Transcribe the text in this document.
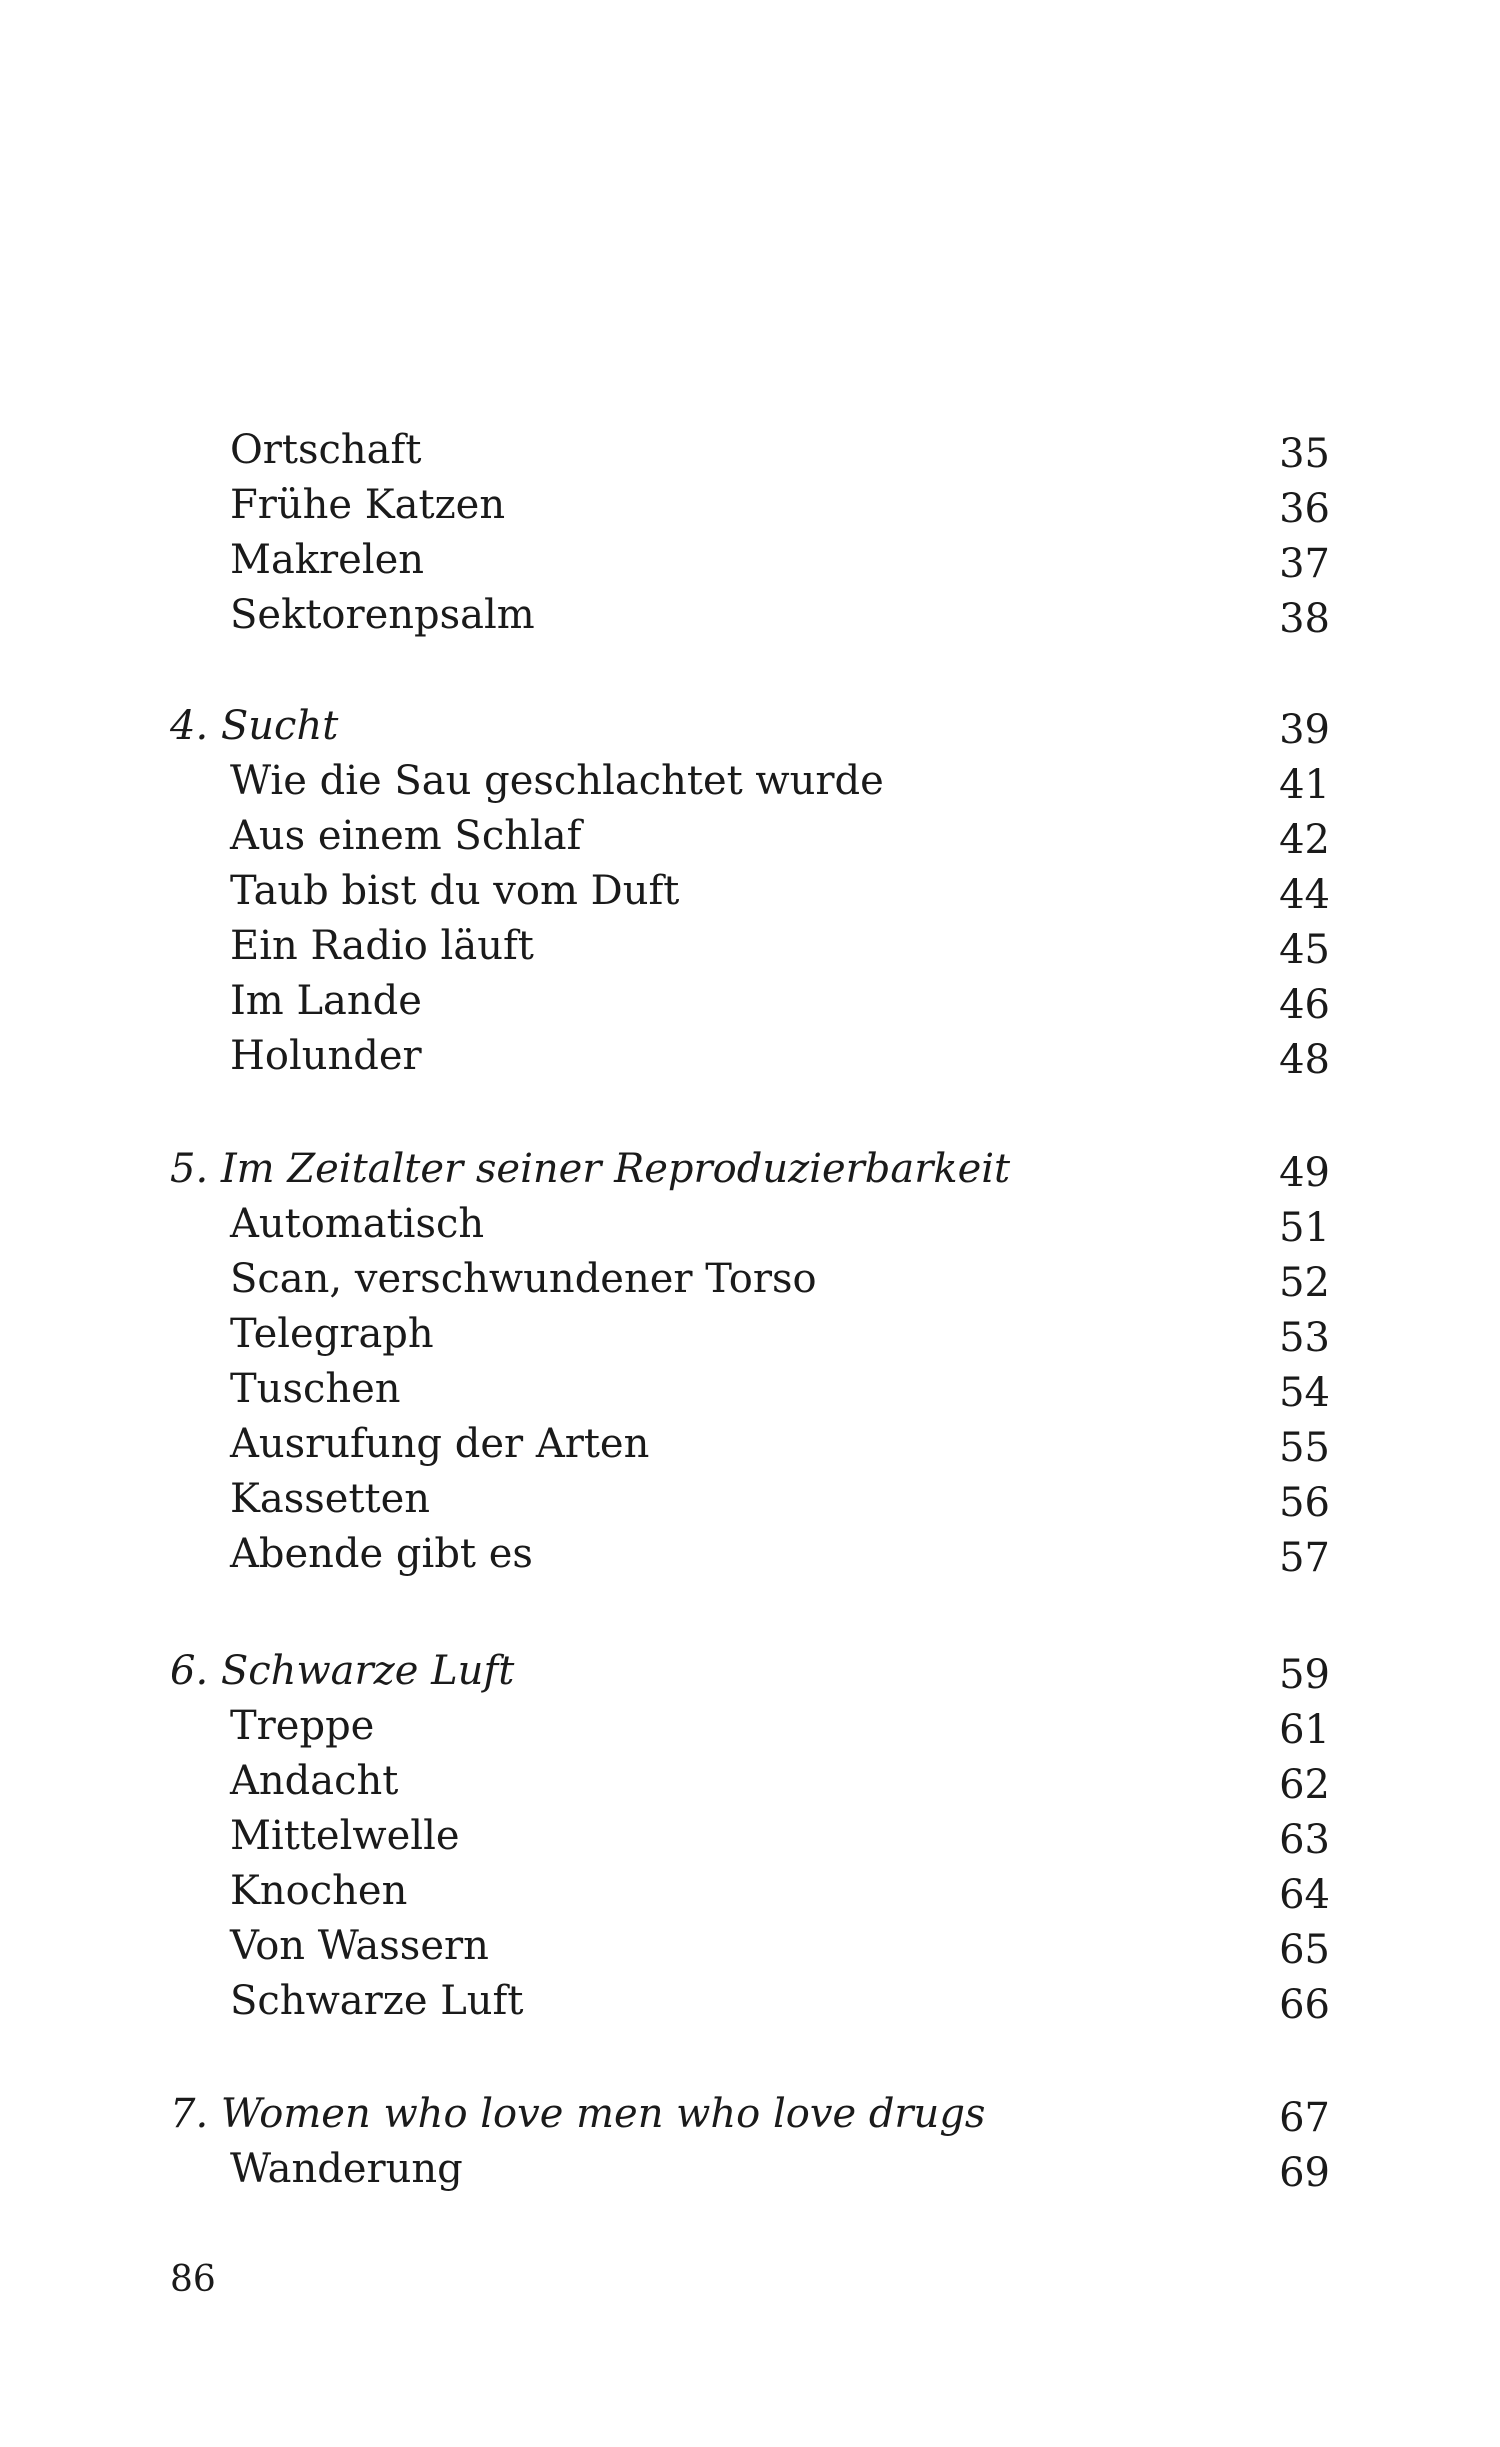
Ortschaft	35
Frühe Katzen	36
Makrelen	37
Sektorenpsalm	38
4. Sucht	39
Wie die Sau geschlachtet wurde	41
Aus einem Schlaf	42
Taub bist du vom Duft	44
Ein Radio läuft	45
Im Lande	46
Holunder	48
5. Im Zeitalter seiner Reproduzierbarkeit	49
Automatisch	51
Scan, verschwundener Torso	52
Telegraph	53
Tuschen	54
Ausrufung der Arten	55
Kassetten	56
Abende gibt es	57
6. Schwarze Luft	59
Treppe	61
Andacht	62
Mittelwelle	63
Knochen	64
Von Wassern	65
Schwarze Luft	66
7. Women who love men who love drugs	67
Wanderung	69
86
